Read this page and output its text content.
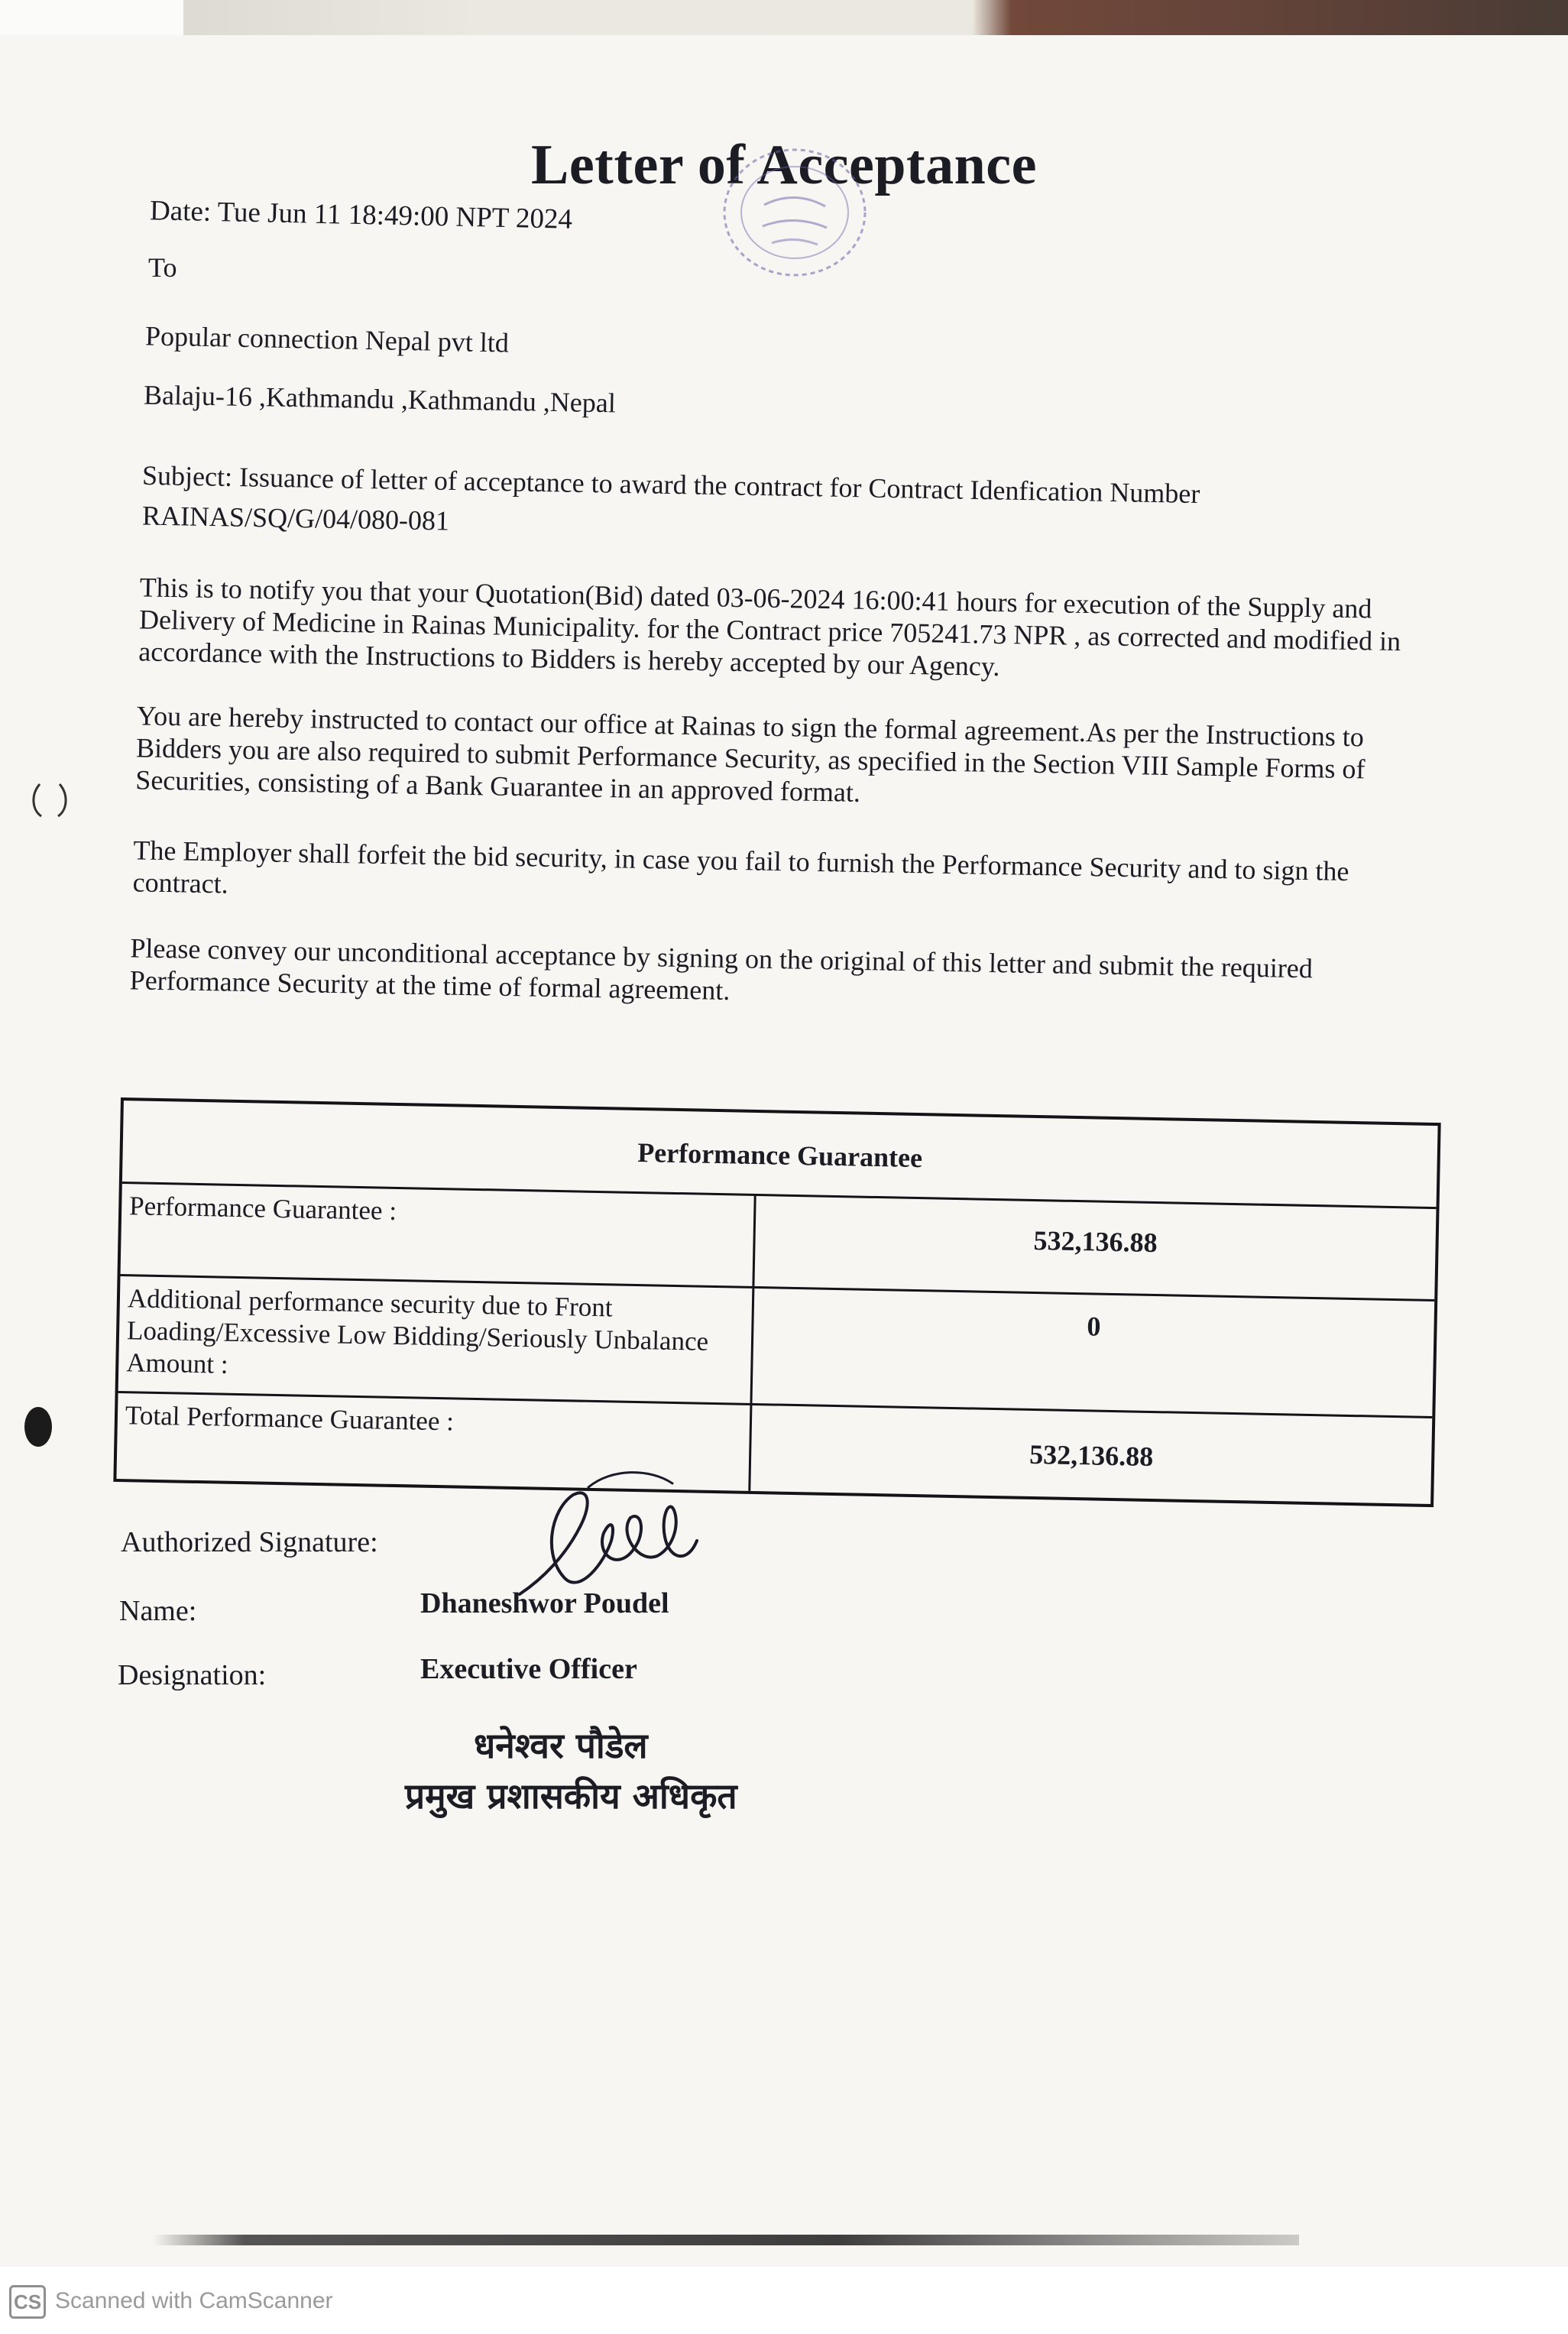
Letter of Acceptance
Date: Tue Jun 11 18:49:00 NPT 2024
To
Popular connection Nepal pvt ltd
Balaju-16 ,Kathmandu ,Kathmandu ,Nepal
Subject: Issuance of letter of acceptance to award the contract for Contract Idenfication Number
RAINAS/SQ/G/04/080-081
This is to notify you that your Quotation(Bid) dated 03-06-2024 16:00:41 hours for execution of the Supply and Delivery of Medicine in Rainas Municipality. for the Contract price 705241.73 NPR , as corrected and modified in accordance with the Instructions to Bidders is hereby accepted by our Agency.
You are hereby instructed to contact our office at Rainas to sign the formal agreement.As per the Instructions to Bidders you are also required to submit Performance Security, as specified in the Section VIII Sample Forms of Securities, consisting of a Bank Guarantee in an approved format.
The Employer shall forfeit the bid security, in case you fail to furnish the Performance Security and to sign the contract.
Please convey our unconditional acceptance by signing on the original of this letter and submit the required Performance Security at the time of formal agreement.
Performance Guarantee
Performance Guarantee :
532,136.88
Additional performance security due to Front Loading/Excessive Low Bidding/Seriously Unbalance Amount :
0
Total Performance Guarantee :
532,136.88
Authorized Signature:
Name:	Dhaneshwor Poudel
Designation:	Executive Officer
धनेश्वर पौडेल
प्रमुख प्रशासकीय अधिकृत
CS Scanned with CamScanner
